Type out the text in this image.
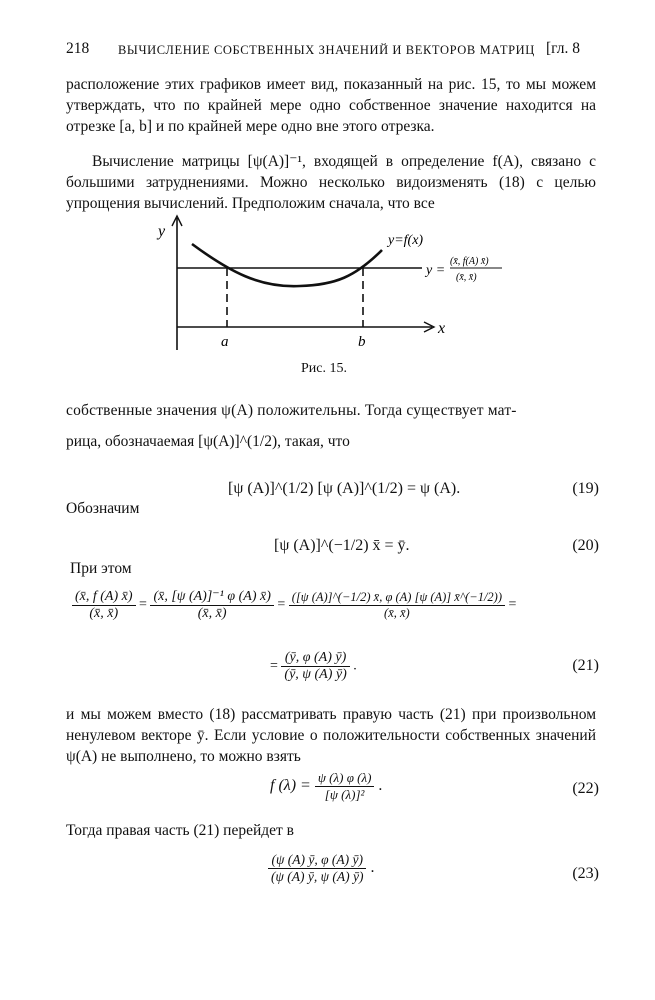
218 ВЫЧИСЛЕНИЕ СОБСТВЕННЫХ ЗНАЧЕНИЙ И ВЕКТОРОВ МАТРИЦ [гл. 8
расположение этих графиков имеет вид, показанный на рис. 15, то мы можем утверждать, что по крайней мере одно собственное значение находится на отрезке [a, b] и по крайней мере одно вне этого отрезка.
Вычисление матрицы [ψ(A)]⁻¹, входящей в определение f(A), связано с большими затруднениями. Можно несколько видоизменять (18) с целью упрощения вычислений. Предположим сначала, что все
y
x
y=f(x)
y =
(x̄, f(A) x̄)
(x̄, x̄)
a	b
Рис. 15.
собственные значения ψ(A) положительны. Тогда существует мат-
рица, обозначаемая [ψ(A)]^(1/2), такая, что
[ψ (A)]^(1/2) [ψ (A)]^(1/2) = ψ (A).	(19)
Обозначим
[ψ (A)]^(−1/2) x̄ = ȳ.	(20)
При этом
$\frac{(x̄, f (A) x̄)}{(x̄, x̄)} = \frac{\text{(x̄, [ψ (A)]⁻¹ φ (A) x̄)}}{(x̄, x̄)} = \frac{([\psi (A)]\^{}(-1/2) x̄, \varphi (A) [\psi (A)] x̄\^{}(-1/2))}{(x̄, x̄)}$ =
= $\frac{(ȳ, \varphi (A) ȳ)}{(ȳ, \psi (A) ȳ)}$ .	(21)
и мы можем вместо (18) рассматривать правую часть (21) при произвольном ненулевом векторе ȳ. Если условие о положительности собственных значений ψ(A) не выполнено, то можно взять
f $(\lambda) = \frac{\psi (\lambda) \varphi (\lambda)}{\text{[ψ (λ)]²}}$ .	(22)
Тогда правая часть (21) перейдет в
$\frac{(\psi (A) ȳ, \varphi (A) ȳ)}{(\psi (A) ȳ, \psi (A) ȳ)}$ .	(23)
